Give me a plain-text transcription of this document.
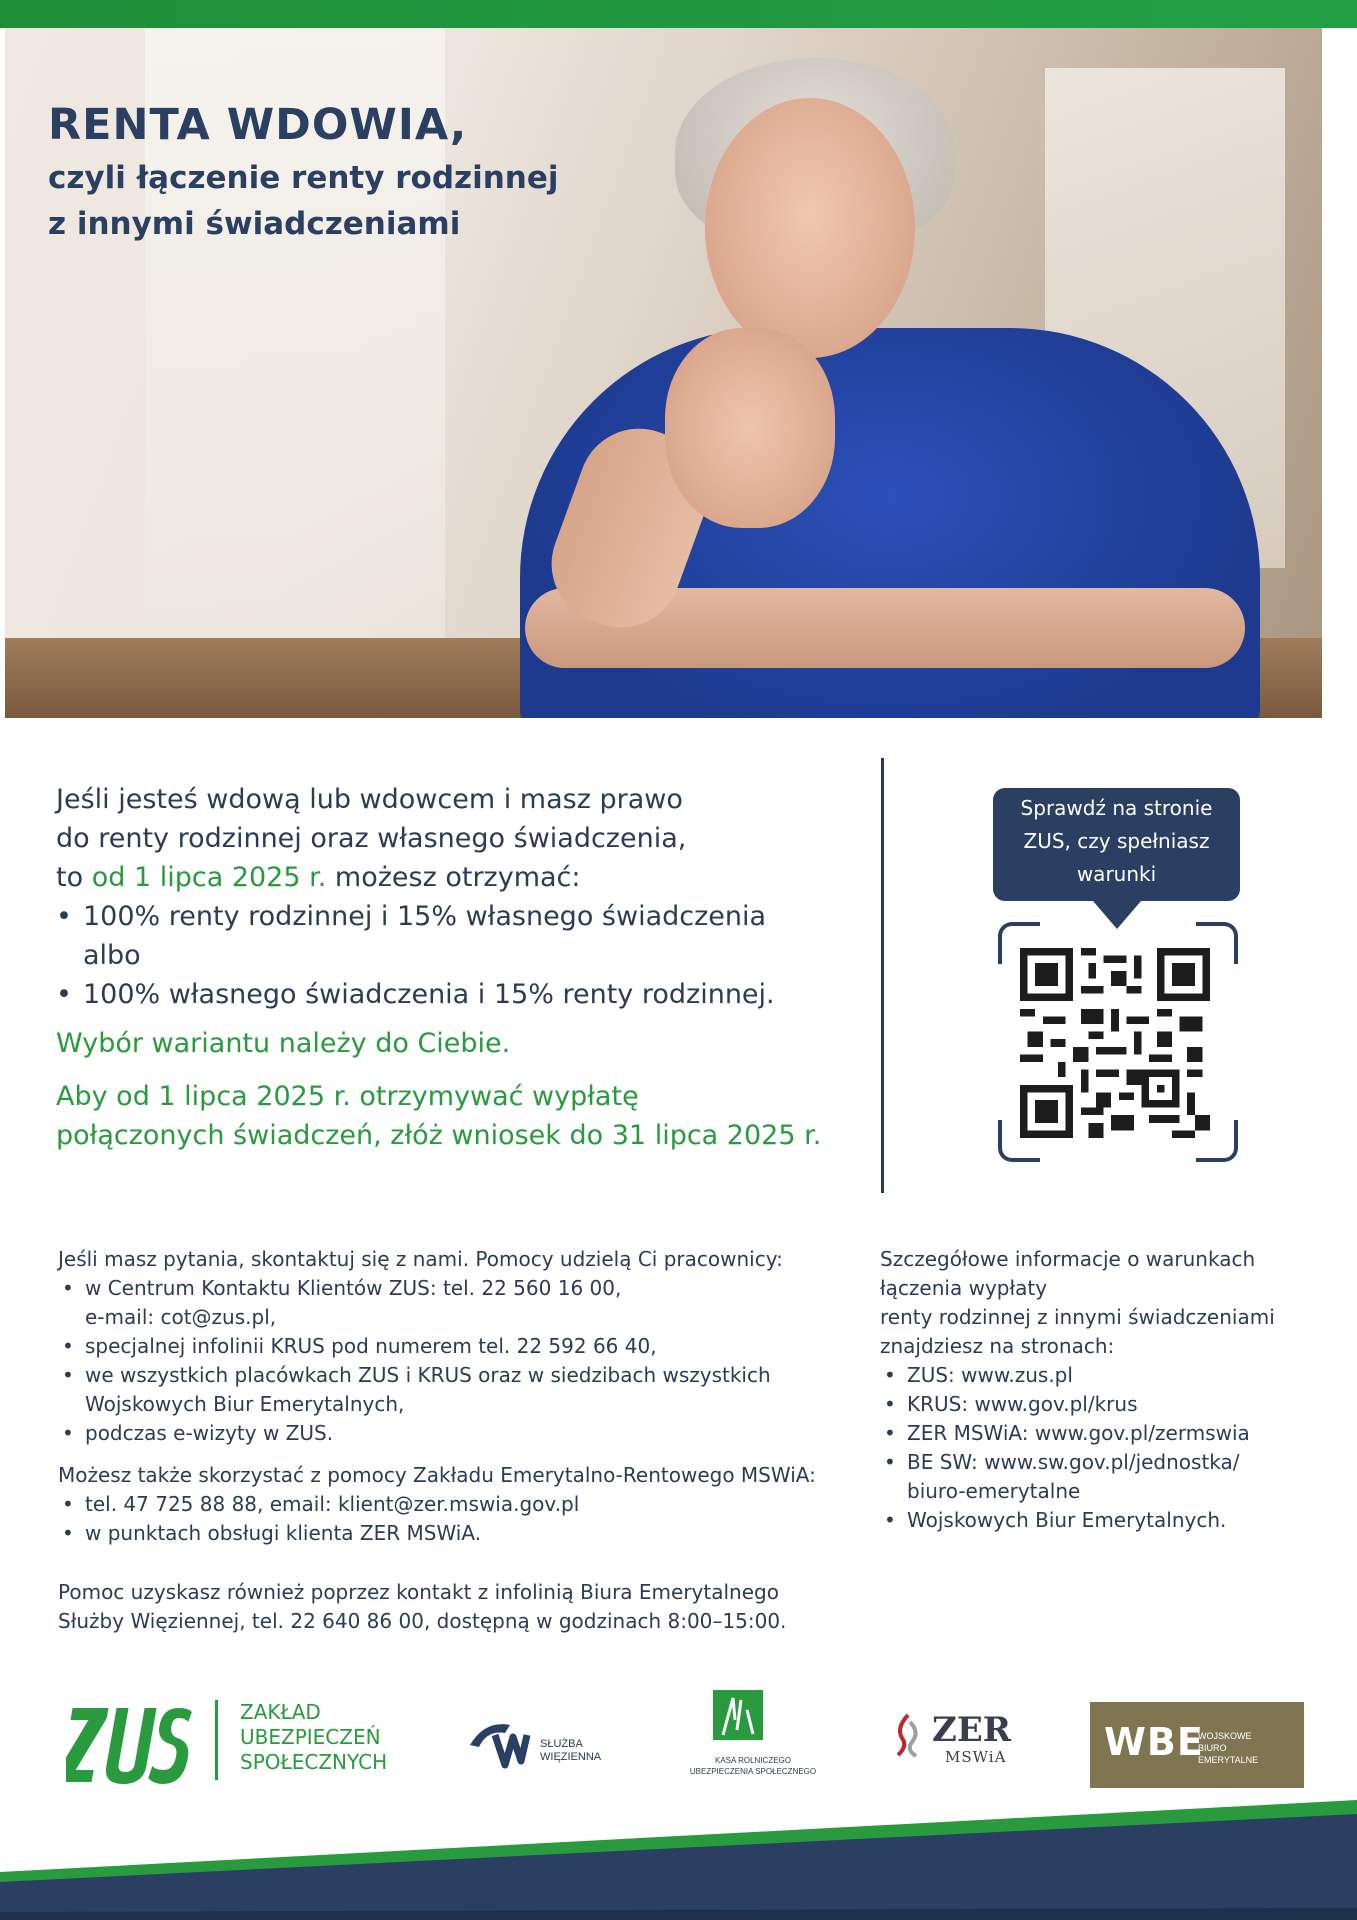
RENTA WDOWIA,
czyli łączenie renty rodzinnej
z innymi świadczeniami

Jeśli jesteś wdową lub wdowcem i masz prawo

do renty rodzinnej oraz własnego świadczenia,

to od 1 lipca 2025 r. możesz otrzymać:

• 100% renty rodzinnej i 15% własnego świadczenia

albo

• 100% własnego świadczenia i 15% renty rodzinnej.

Wybór wariantu należy do Ciebie.

Aby od 1 lipca 2025 r. otrzymywać wypłatę

połączonych świadczeń, złóż wniosek do 31 lipca 2025 r.

Sprawdź na stronie
ZUS, czy spełniasz
warunki

Jeśli masz pytania, skontaktuj się z nami. Pomocy udzielą Ci pracownicy:

• w Centrum Kontaktu Klientów ZUS: tel. 22 560 16 00,

e-mail: cot@zus.pl,

• specjalnej infolinii KRUS pod numerem tel. 22 592 66 40,

• we wszystkich placówkach ZUS i KRUS oraz w siedzibach wszystkich

Wojskowych Biur Emerytalnych,

• podczas e-wizyty w ZUS.

Możesz także skorzystać z pomocy Zakładu Emerytalno-Rentowego MSWiA:

• tel. 47 725 88 88, email: klient@zer.mswia.gov.pl

• w punktach obsługi klienta ZER MSWiA.

Pomoc uzyskasz również poprzez kontakt z infolinią Biura Emerytalnego

Służby Więziennej, tel. 22 640 86 00, dostępną w godzinach 8:00–15:00.

Szczegółowe informacje o warunkach

łączenia wypłaty

renty rodzinnej z innymi świadczeniami

znajdziesz na stronach:

• ZUS: www.zus.pl

• KRUS: www.gov.pl/krus

• ZER MSWiA: www.gov.pl/zermswia

• BE SW: www.sw.gov.pl/jednostka/

biuro-emerytalne

• Wojskowych Biur Emerytalnych.

ZAKŁAD
UBEZPIECZEŃ
SPOŁECZNYCH
SŁUŻBA
WIĘZIENNA	KASA ROLNICZEGO
UBEZPIECZENIA SPOŁECZNEGO
ZER
MSWiA	WBE
WOJSKOWE
BIURO
EMERYTALNE
